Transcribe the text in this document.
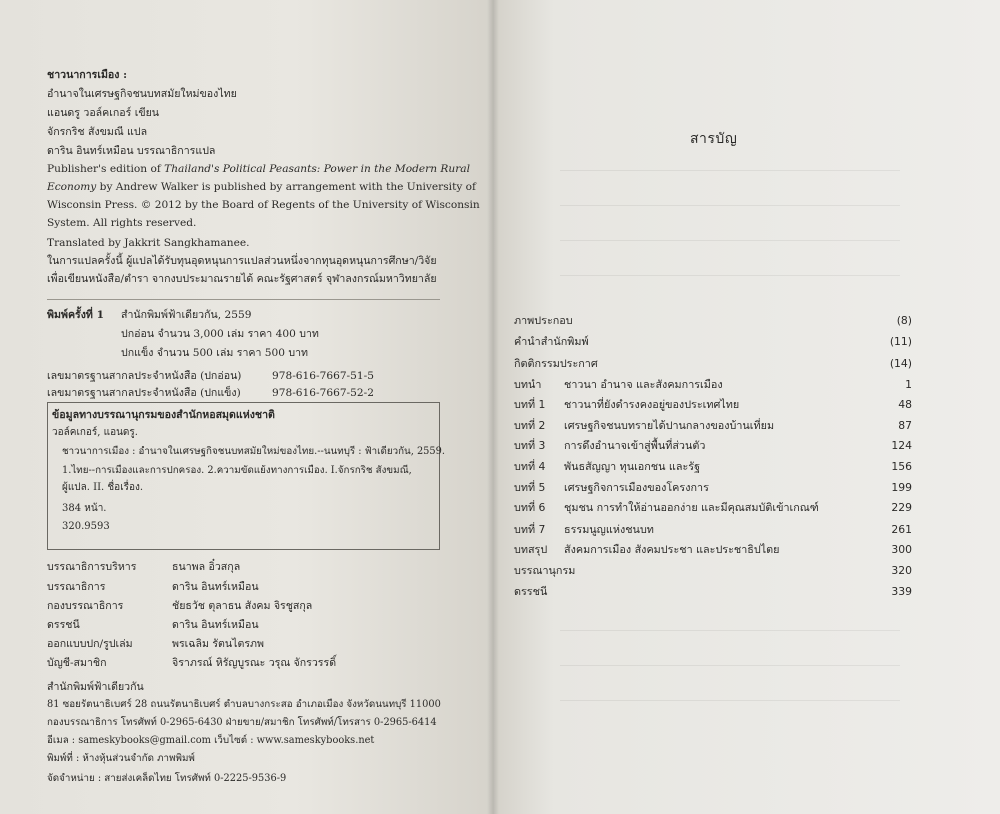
ชาวนาการเมือง :
อำนาจในเศรษฐกิจชนบทสมัยใหม่ของไทย
แอนดรู วอล์คเกอร์ เขียน
จักรกริช สังขมณี แปล
ดาริน อินทร์เหมือน บรรณาธิการแปล
Publisher's edition of Thailand's Political Peasants: Power in the Modern Rural
Economy by Andrew Walker is published by arrangement with the University of
Wisconsin Press. © 2012 by the Board of Regents of the University of Wisconsin
System. All rights reserved.
Translated by Jakkrit Sangkhamanee.
ในการแปลครั้งนี้ ผู้แปลได้รับทุนอุดหนุนการแปลส่วนหนึ่งจากทุนอุดหนุนการศึกษา/วิจัย
เพื่อเขียนหนังสือ/ตำรา จากงบประมาณรายได้ คณะรัฐศาสตร์ จุฬาลงกรณ์มหาวิทยาลัย
พิมพ์ครั้งที่ 1 สำนักพิมพ์ฟ้าเดียวกัน, 2559
ปกอ่อน จำนวน 3,000 เล่ม ราคา 400 บาท
ปกแข็ง จำนวน 500 เล่ม ราคา 500 บาท
เลขมาตรฐานสากลประจำหนังสือ (ปกอ่อน)	978-616-7667-51-5
เลขมาตรฐานสากลประจำหนังสือ (ปกแข็ง)	978-616-7667-52-2
ข้อมูลทางบรรณานุกรมของสำนักหอสมุดแห่งชาติ
วอล์คเกอร์, แอนดรู.
ชาวนาการเมือง : อำนาจในเศรษฐกิจชนบทสมัยใหม่ของไทย.--นนทบุรี : ฟ้าเดียวกัน, 2559.
1.ไทย--การเมืองและการปกครอง. 2.ความขัดแย้งทางการเมือง. I.จักรกริช สังขมณี,
ผู้แปล. II. ชื่อเรื่อง.
384 หน้า.
320.9593
บรรณาธิการบริหาร	ธนาพล อิ๋วสกุล
บรรณาธิการ	ดาริน อินทร์เหมือน
กองบรรณาธิการ	ชัยธวัช ตุลาธน สังคม จิรชูสกุล
ดรรชนี	ดาริน อินทร์เหมือน
ออกแบบปก/รูปเล่ม	พรเฉลิม รัตนไตรภพ
บัญชี-สมาชิก	จิราภรณ์ หิรัญบูรณะ วรุณ จักรวรรดิ์
สำนักพิมพ์ฟ้าเดียวกัน
81 ซอยรัตนาธิเบศร์ 28 ถนนรัตนาธิเบศร์ ตำบลบางกระสอ อำเภอเมือง จังหวัดนนทบุรี 11000
กองบรรณาธิการ โทรศัพท์ 0-2965-6430 ฝ่ายขาย/สมาชิก โทรศัพท์/โทรสาร 0-2965-6414
อีเมล : sameskybooks@gmail.com เว็บไซต์ : www.sameskybooks.net
พิมพ์ที่ : ห้างหุ้นส่วนจำกัด ภาพพิมพ์
จัดจำหน่าย : สายส่งเคล็ดไทย โทรศัพท์ 0-2225-9536-9
สารบัญ
ภาพประกอบ	(8)
คำนำสำนักพิมพ์	(11)
กิตติกรรมประกาศ	(14)
บทนำ ชาวนา อำนาจ และสังคมการเมือง	1
บทที่ 1 ชาวนาที่ยังดำรงคงอยู่ของประเทศไทย	48
บทที่ 2 เศรษฐกิจชนบทรายได้ปานกลางของบ้านเที่ยม	87
บทที่ 3 การดึงอำนาจเข้าสู่พื้นที่ส่วนตัว	124
บทที่ 4 พันธสัญญา ทุนเอกชน และรัฐ	156
บทที่ 5 เศรษฐกิจการเมืองของโครงการ	199
บทที่ 6 ชุมชน การทำให้อ่านออกง่าย และมีคุณสมบัติเข้าเกณฑ์	229
บทที่ 7 ธรรมนูญแห่งชนบท	261
บทสรุป สังคมการเมือง สังคมประชา และประชาธิปไตย	300
บรรณานุกรม	320
ดรรชนี	339
